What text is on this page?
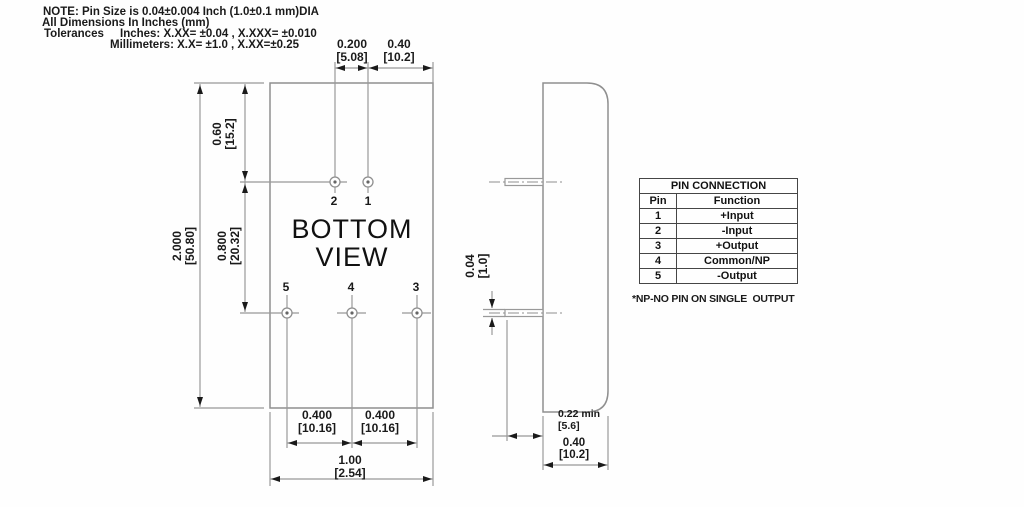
NOTE: Pin Size is 0.04±0.004 Inch (1.0±0.1 mm)DIA
All Dimensions In Inches (mm)
Tolerances Inches: X.XX= ±0.04 , X.XXX= ±0.010
Millimeters: X.X= ±1.0 , X.XX=±0.25
BOTTOM
VIEW
2 1
5	4	3
0.200
[5.08]
0.40
[10.2]
0.60 [15.2]
2.000 [50.80] 0.800 [20.32]
0.04 [1.0]
0.400
[10.16]
0.400
[10.16]
1.00
[2.54]
0.22 min
[5.6]
0.40
[10.2]
PIN CONNECTION	
Pin	Function
1	+Input
2	-Input
3	+Output
4	Common/NP
5	-Output
*NP-NO PIN ON SINGLE  OUTPUT
